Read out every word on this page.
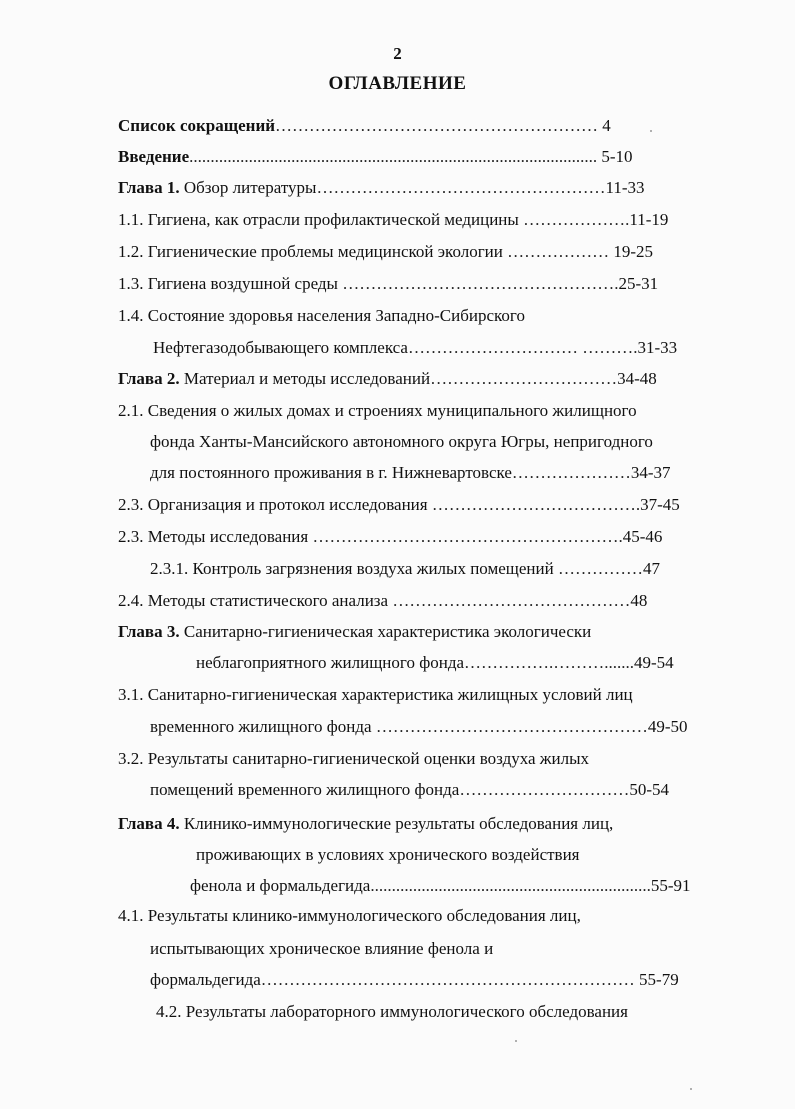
2
ОГЛАВЛЕНИЕ
Список сокращений………………………………………………… 4
Введение................................................................................................ 5-10
Глава 1. Обзор литературы……………………………………………11-33
1.1. Гигиена, как отрасли профилактической медицины ……………….11-19
1.2. Гигиенические проблемы медицинской экологии ……………… 19-25
1.3. Гигиена воздушной среды ………………………………………….25-31
1.4. Состояние здоровья населения Западно-Сибирского
Нефтегазодобывающего комплекса………………………… ……….31-33
Глава 2. Материал и методы исследований……………………………34-48
2.1. Сведения о жилых домах и строениях муниципального жилищного
фонда Ханты-Мансийского автономного округа Югры, непригодного
для постоянного проживания в г. Нижневартовске…………………34-37
2.3. Организация и протокол исследования ……………………………….37-45
2.3. Методы исследования ……………………………………………….45-46
2.3.1. Контроль загрязнения воздуха жилых помещений ……………47
2.4. Методы статистического анализа ……………………………………48
Глава 3. Санитарно-гигиеническая характеристика экологически
неблагоприятного жилищного фонда…………….……….......49-54
3.1. Санитарно-гигиеническая характеристика жилищных условий лиц
временного жилищного фонда …………………………………………49-50
3.2. Результаты санитарно-гигиенической оценки воздуха жилых
помещений временного жилищного фонда…………………………50-54
Глава 4. Клинико-иммунологические результаты обследования лиц,
проживающих в условиях хронического воздействия
фенола и формальдегида..................................................................55-91
4.1. Результаты клинико-иммунологического обследования лиц,
испытывающих хроническое влияние фенола и
формальдегида………………………………………………………… 55-79
4.2. Результаты лабораторного иммунологического обследования
